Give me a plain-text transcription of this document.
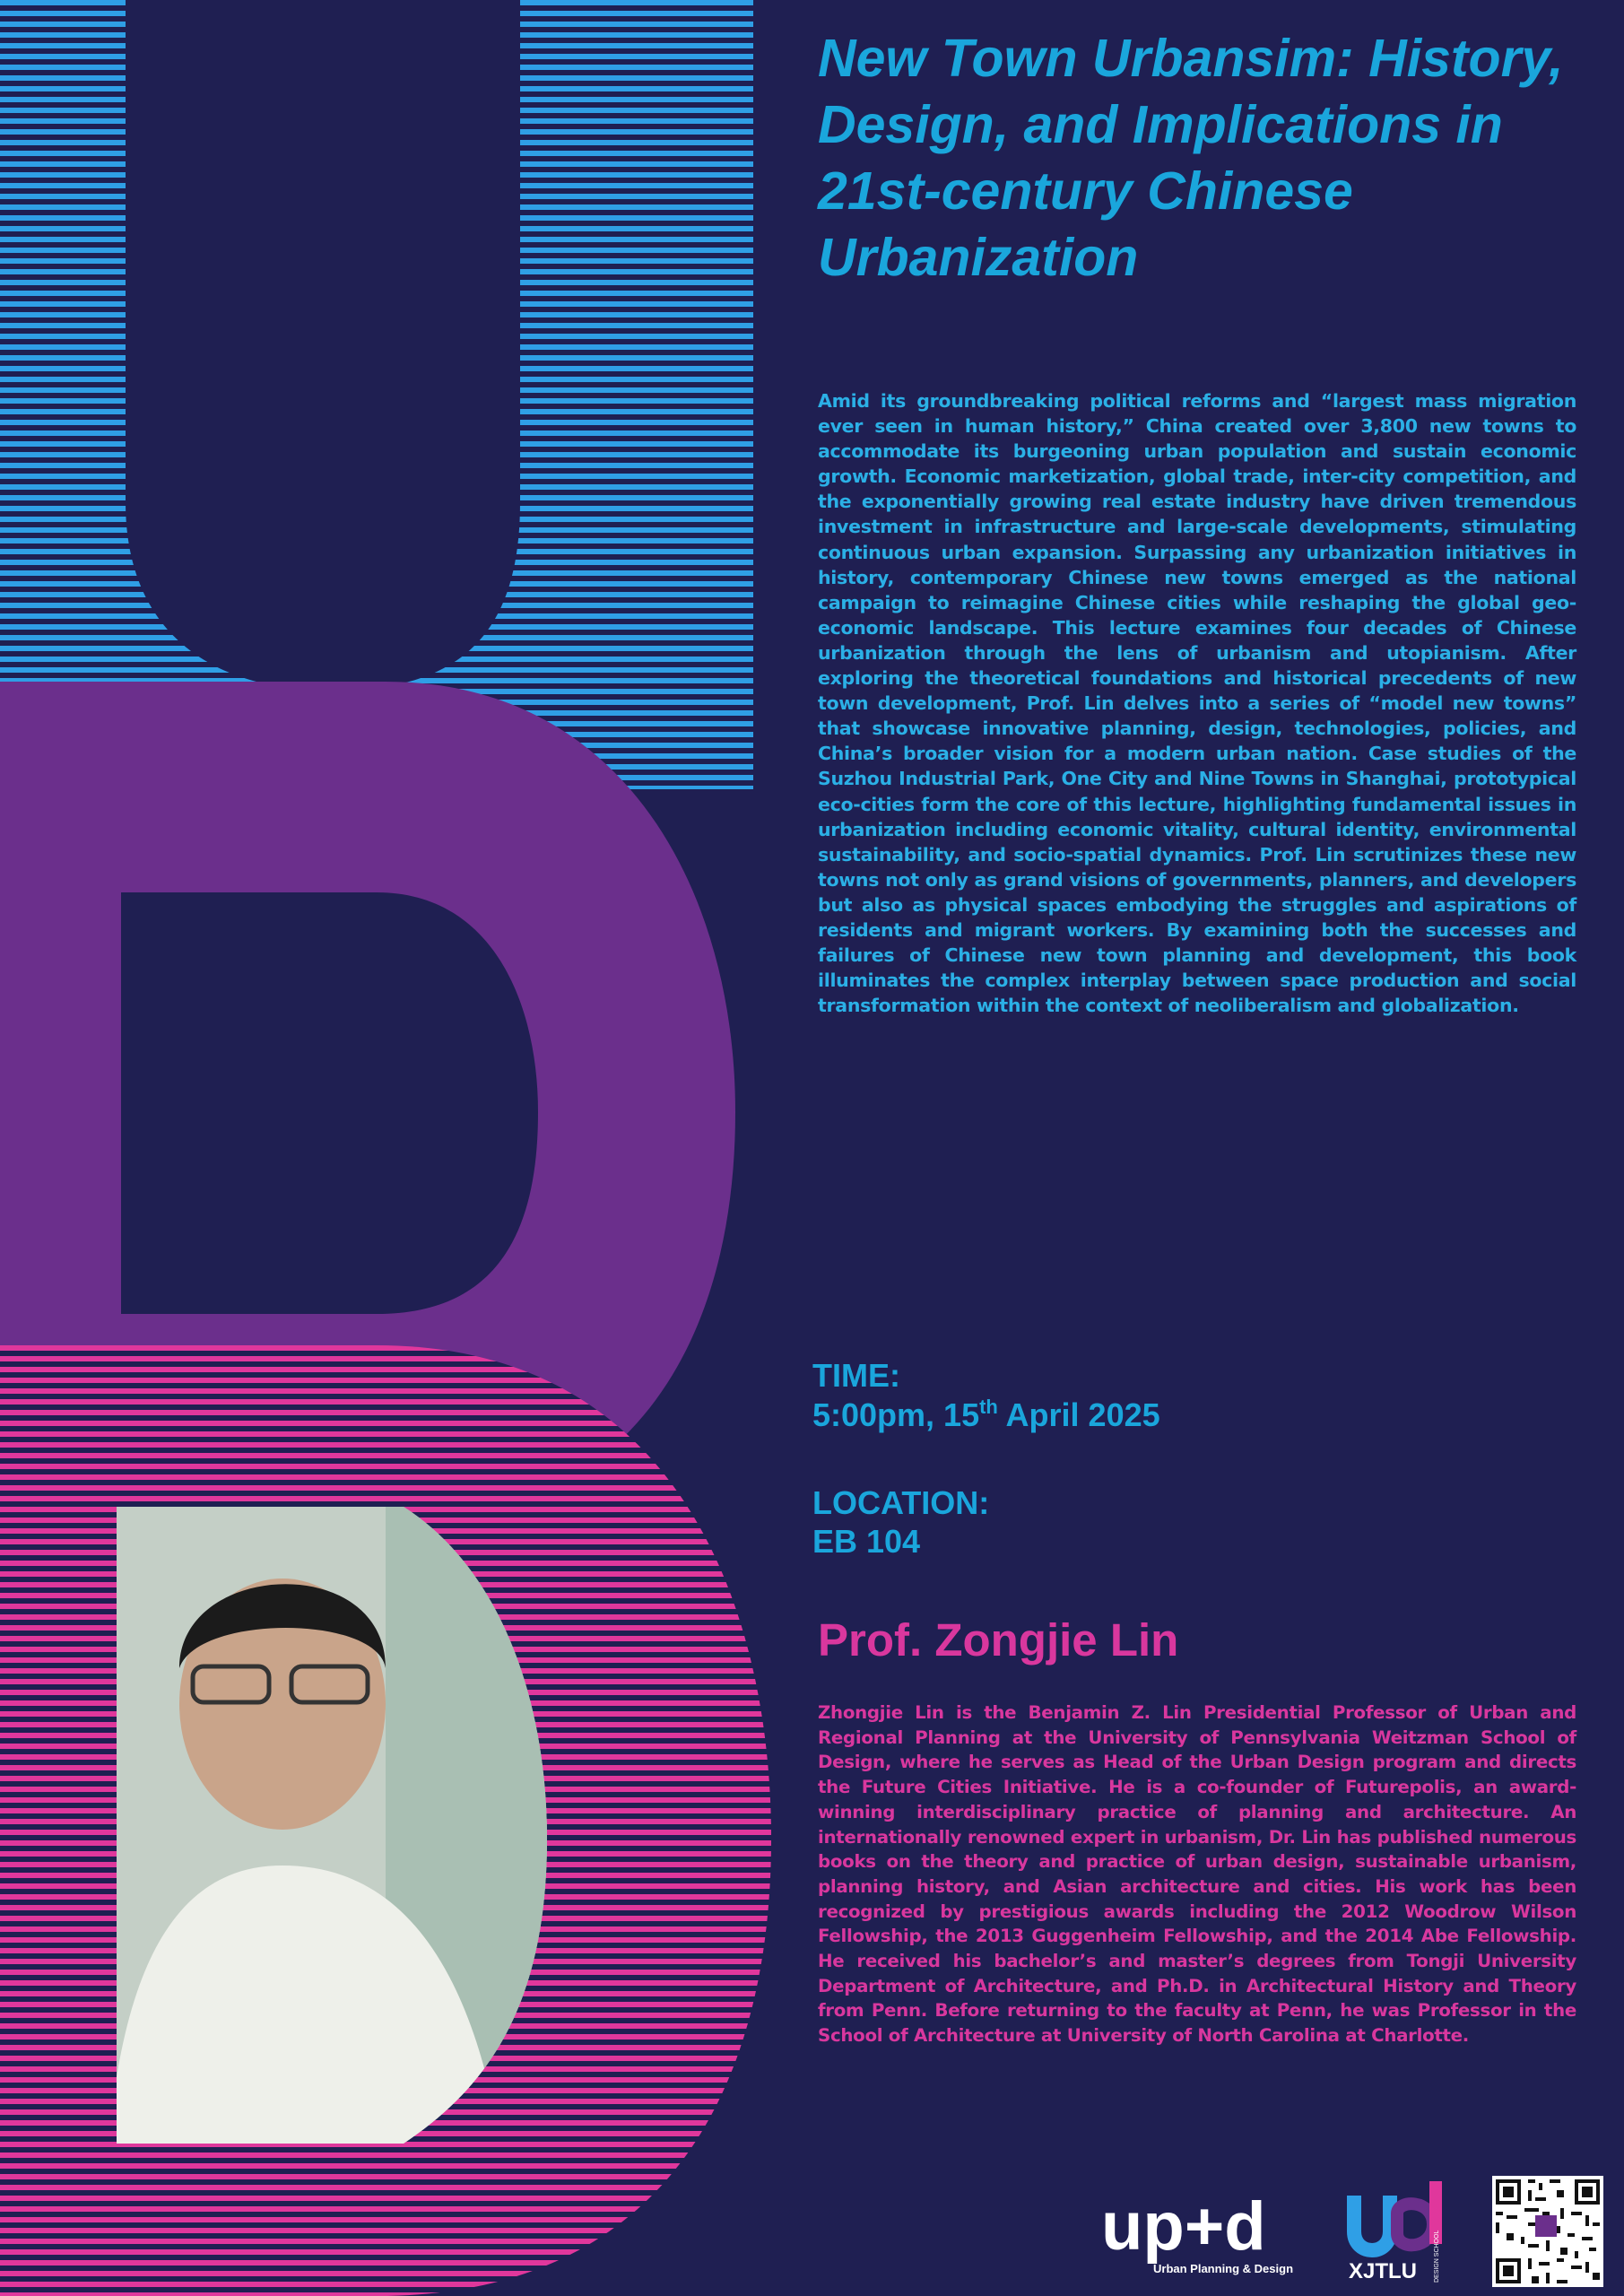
New Town Urbansim: History, Design, and Implications in 21st-century Chinese Urbanization

Amid its groundbreaking political reforms and “largest mass migration ever seen in human history,” China created over 3,800 new towns to accommodate its burgeoning urban population and sustain economic growth. Economic marketization, global trade, inter-city competition, and the exponentially growing real estate industry have driven tremendous investment in infrastructure and large-scale developments, stimulating continuous urban expansion. Surpassing any urbanization initiatives in history, contemporary Chinese new towns emerged as the national campaign to reimagine Chinese cities while reshaping the global geo-economic landscape. This lecture examines four decades of Chinese urbanization through the lens of urbanism and utopianism. After exploring the theoretical foundations and historical precedents of new town development, Prof. Lin delves into a series of “model new towns” that showcase innovative planning, design, technologies, policies, and China’s broader vision for a modern urban nation. Case studies of the Suzhou Industrial Park, One City and Nine Towns in Shanghai, prototypical eco-cities form the core of this lecture, highlighting fundamental issues in urbanization including economic vitality, cultural identity, environmental sustainability, and socio-spatial dynamics. Prof. Lin scrutinizes these new towns not only as grand visions of governments, planners, and developers but also as physical spaces embodying the struggles and aspirations of residents and migrant workers. By examining both the successes and failures of Chinese new town planning and development, this book illuminates the complex interplay between space production and social transformation within the context of neoliberalism and globalization.

TIME:
5:00pm, 15th April 2025
LOCATION:
EB 104
Prof. Zongjie Lin

Zhongjie Lin is the Benjamin Z. Lin Presidential Professor of Urban and Regional Planning at the University of Pennsylvania Weitzman School of Design, where he serves as Head of the Urban Design program and directs the Future Cities Initiative. He is a co-founder of Futurepolis, an award-winning interdisciplinary practice of planning and architecture. An internationally renowned expert in urbanism, Dr. Lin has published numerous books on the theory and practice of urban design, sustainable urbanism, planning history, and Asian architecture and cities. His work has been recognized by prestigious awards including the 2012 Woodrow Wilson Fellowship, the 2013 Guggenheim Fellowship, and the 2014 Abe Fellowship. He received his bachelor’s and master’s degrees from Tongji University Department of Architecture, and Ph.D. in Architectural History and Theory from Penn. Before returning to the faculty at Penn, he was Professor in the School of Architecture at University of North Carolina at Charlotte.

up+d
Urban Planning & Design	XJTLU	DESIGN SCHOOL
